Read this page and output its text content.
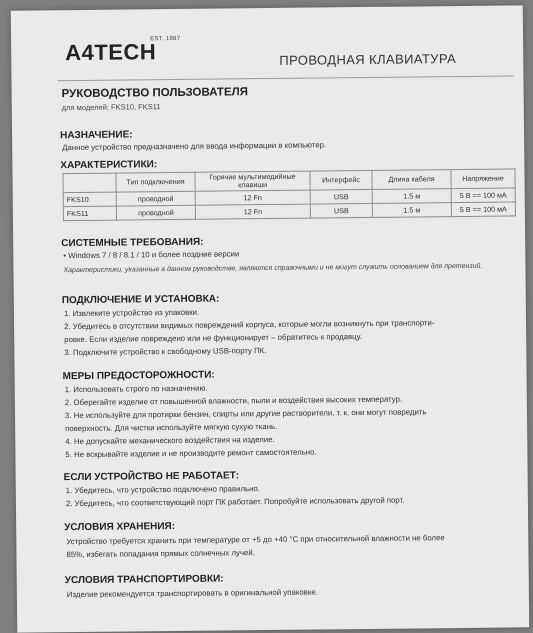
A4TECH
EST. 1987
ПРОВОДНАЯ КЛАВИАТУРА
РУКОВОДСТВО ПОЛЬЗОВАТЕЛЯ
для моделей: FKS10, FKS11
НАЗНАЧЕНИЕ:
Данное устройство предназначено для ввода информации в компьютер.
ХАРАКТЕРИСТИКИ:
	Тип подключения	Горячие мультимедийные клавиши	Интерфейс	Длина кабеля	Напряжение
FKS10	проводной	12 Fn	USB	1.5 м	5 В == 100 мА
FKS11	проводной	12 Fn	USB	1.5 м	5 В == 100 мА
СИСТЕМНЫЕ ТРЕБОВАНИЯ:
• Windows 7 / 8 / 8.1 / 10 и более поздние версии
Характеристики, указанные в данном руководстве, являются справочными и не могут служить основанием для претензий.
ПОДКЛЮЧЕНИЕ И УСТАНОВКА:
1. Извлеките устройство из упаковки.
2. Убедитесь в отсутствии видимых повреждений корпуса, которые могли возникнуть при транспорти-
ровке. Если изделие повреждено или не функционирует – обратитесь к продавцу.
3. Подключите устройство к свободному USB-порту ПК.
МЕРЫ ПРЕДОСТОРОЖНОСТИ:
1. Использовать строго по назначению.
2. Оберегайте изделие от повышенной влажности, пыли и воздействия высоких температур.
3. Не используйте для протирки бензин, спирты или другие растворители, т. к. они могут повредить
поверхность. Для чистки используйте мягкую сухую ткань.
4. Не допускайте механического воздействия на изделие.
5. Не вскрывайте изделие и не производите ремонт самостоятельно.
ЕСЛИ УСТРОЙСТВО НЕ РАБОТАЕТ:
1. Убедитесь, что устройство подключено правильно.
2. Убедитесь, что соответствующий порт ПК работает. Попробуйте использовать другой порт.
УСЛОВИЯ ХРАНЕНИЯ:
Устройство требуется хранить при температуре от +5 до +40 °С при относительной влажности не более
85%, избегать попадания прямых солнечных лучей.
УСЛОВИЯ ТРАНСПОРТИРОВКИ:
Изделие рекомендуется транспортировать в оригинальной упаковке.
